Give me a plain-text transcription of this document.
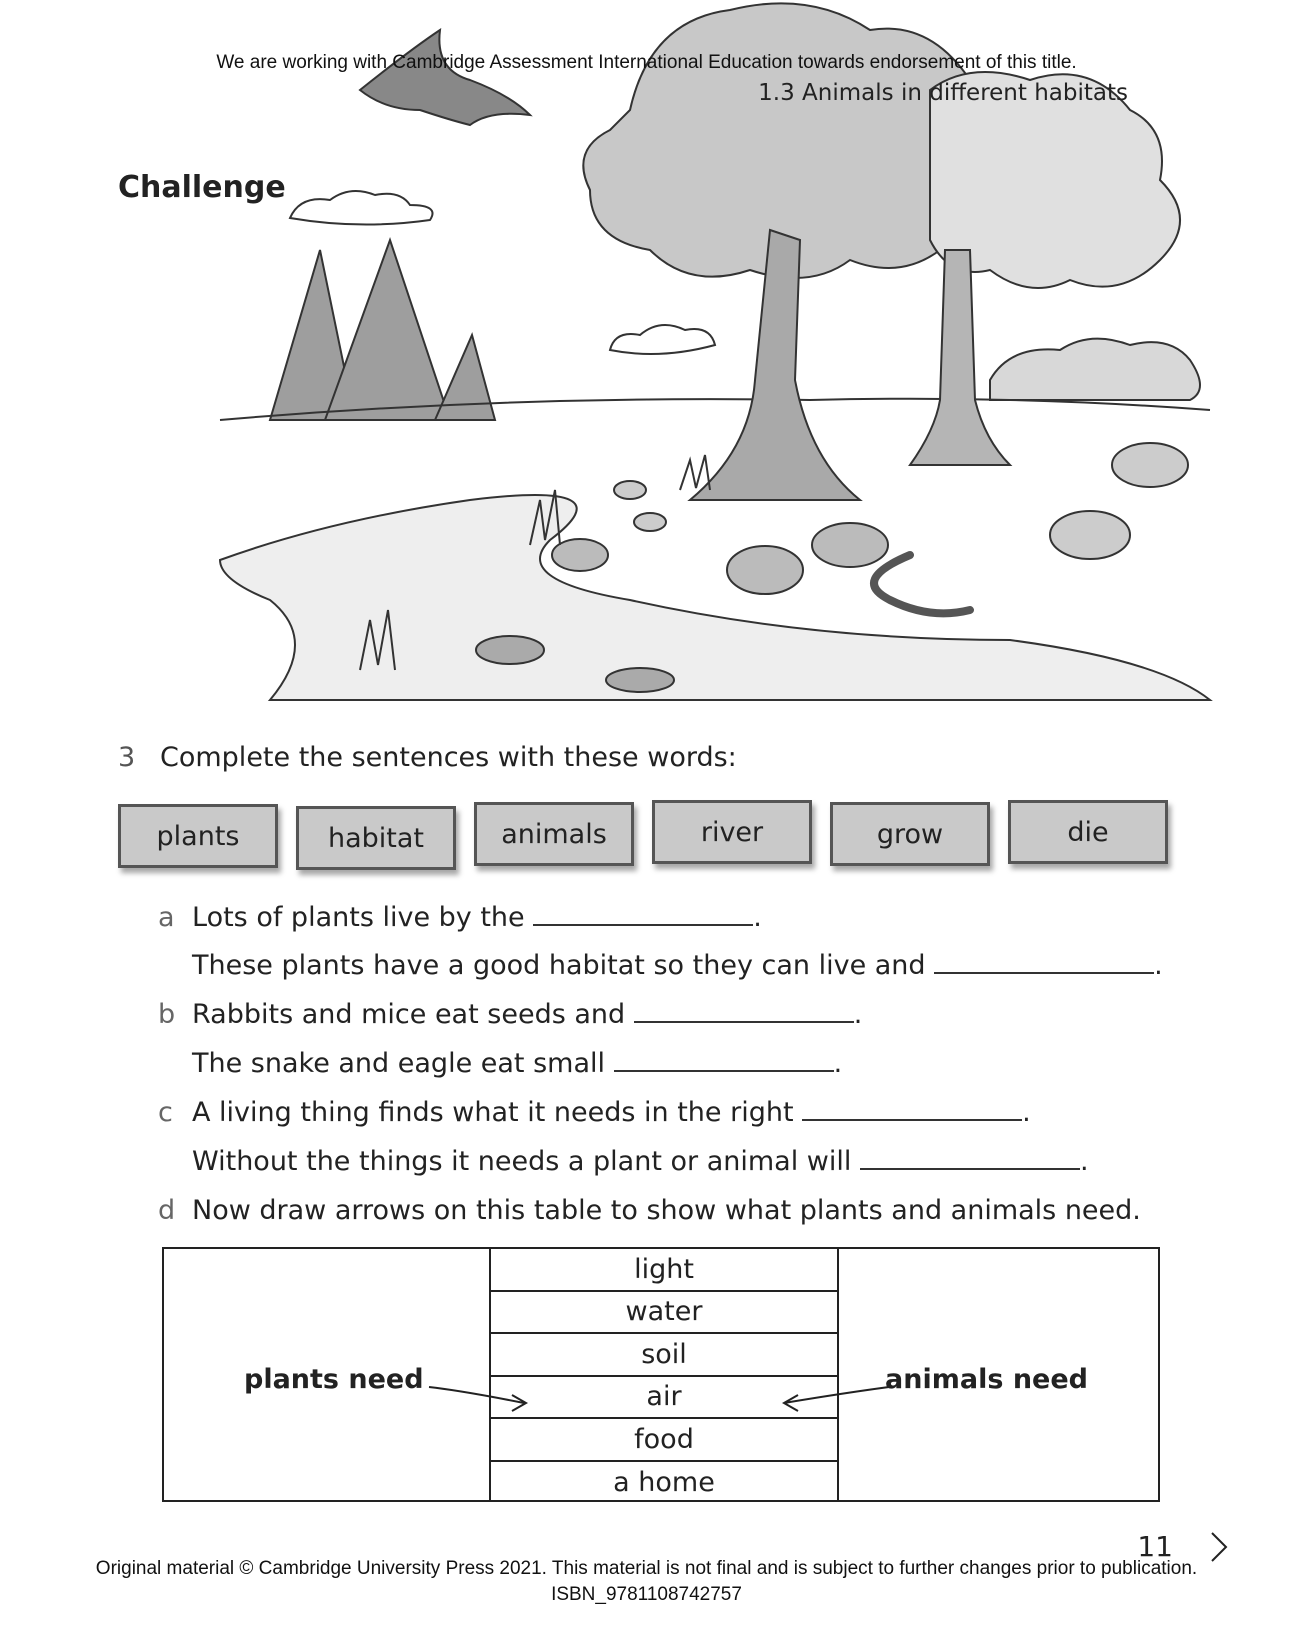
We are working with Cambridge Assessment International Education towards endorsement of this title.
1.3 Animals in different habitats
Challenge
3 Complete the sentences with these words:
plants	habitat	animals	river	grow	die
a Lots of plants live by the	.
These plants have a good habitat so they can live and	.
b Rabbits and mice eat seeds and	.
The snake and eagle eat small	.
c A living thing finds what it needs in the right	.
Without the things it needs a plant or animal will	.
d Now draw arrows on this table to show what plants and animals need.
plants need	animals need
light
water
soil
air
food
a home
11
Original material © Cambridge University Press 2021. This material is not final and is subject to further changes prior to publication.
ISBN_9781108742757
